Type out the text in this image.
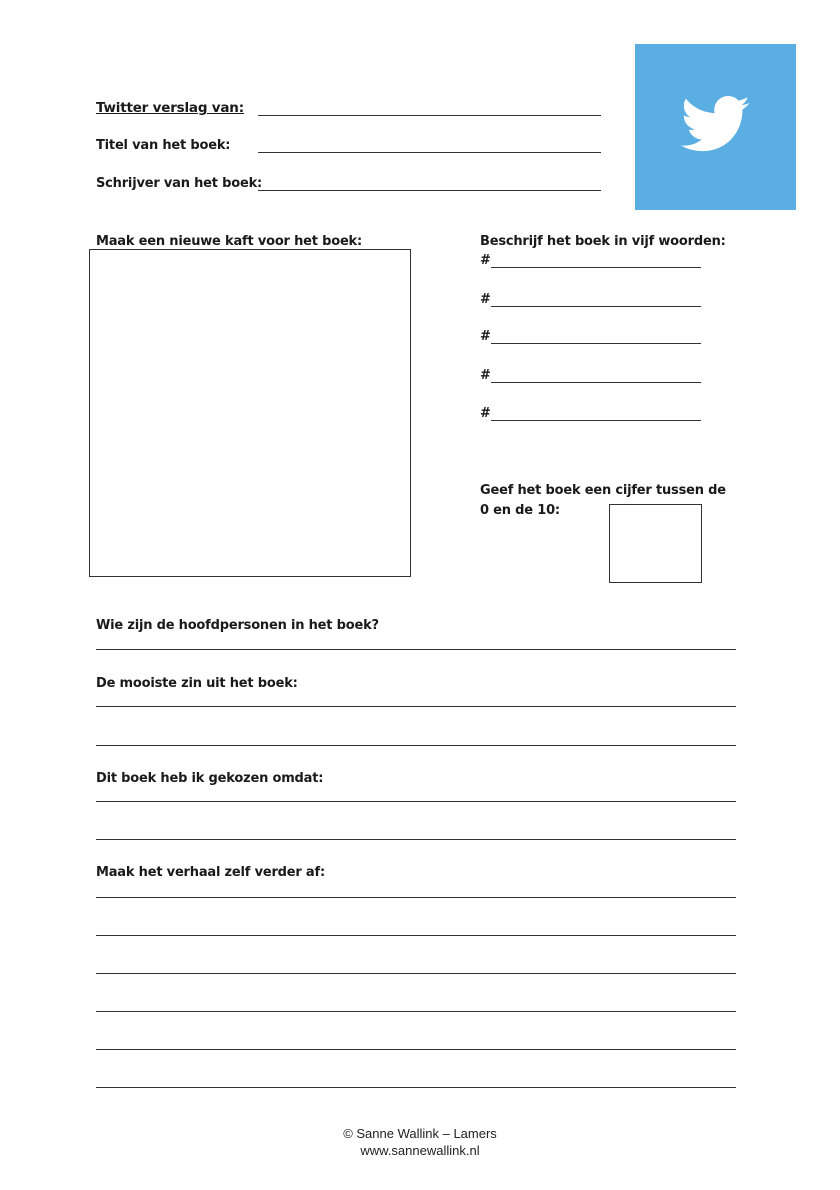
Twitter verslag van:
Titel van het boek:
Schrijver van het boek:
Maak een nieuwe kaft voor het boek:	Beschrijf het boek in vijf woorden:
#
#
#
#
#
Geef het boek een cijfer tussen de
0 en de 10:
Wie zijn de hoofdpersonen in het boek?
De mooiste zin uit het boek:
Dit boek heb ik gekozen omdat:
Maak het verhaal zelf verder af:
© Sanne Wallink – Lamers
www.sannewallink.nl
